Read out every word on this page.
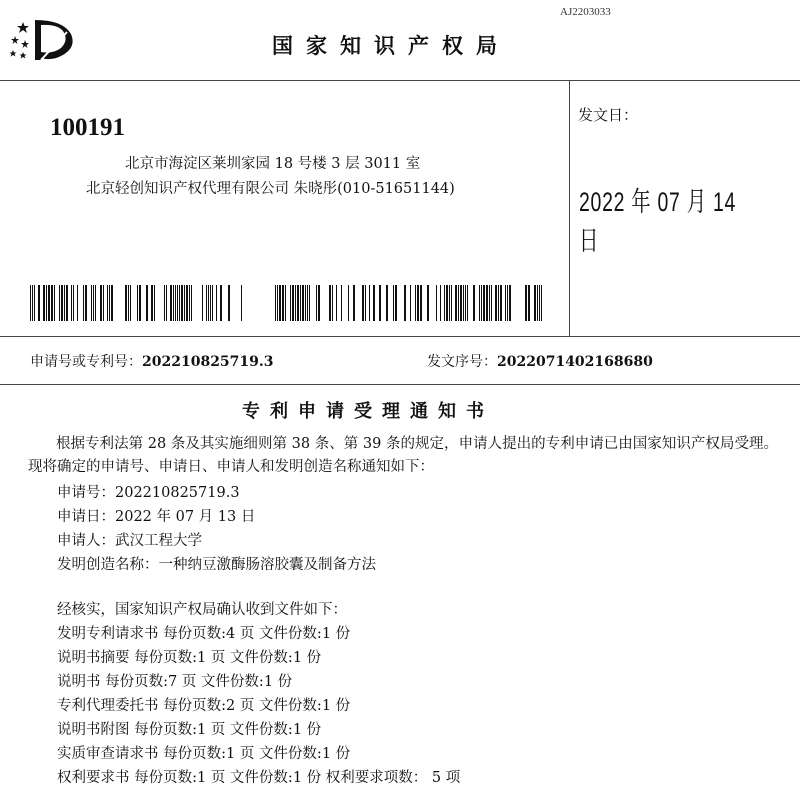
AJ2203033
国家知识产权局
100191
北京市海淀区莱圳家园 18 号楼 3 层 3011 室
北京轻创知识产权代理有限公司 朱晓彤(010-51651144)
发文日：
2022 年 07 月 14 日
申请号或专利号：202210825719.3	发文序号：2022071402168680
专利申请受理通知书
根据专利法第 28 条及其实施细则第 38 条、第 39 条的规定，申请人提出的专利申请已由国家知识产权局受理。现将确定的申请号、申请日、申请人和发明创造名称通知如下：
申请号：202210825719.3
申请日：2022 年 07 月 13 日
申请人：武汉工程大学
发明创造名称：一种纳豆激酶肠溶胶囊及制备方法
经核实，国家知识产权局确认收到文件如下：
发明专利请求书 每份页数:4 页 文件份数:1 份
说明书摘要 每份页数:1 页 文件份数:1 份
说明书 每份页数:7 页 文件份数:1 份
专利代理委托书 每份页数:2 页 文件份数:1 份
说明书附图 每份页数:1 页 文件份数:1 份
实质审查请求书 每份页数:1 页 文件份数:1 份
权利要求书 每份页数:1 页 文件份数:1 份 权利要求项数： 5 项
